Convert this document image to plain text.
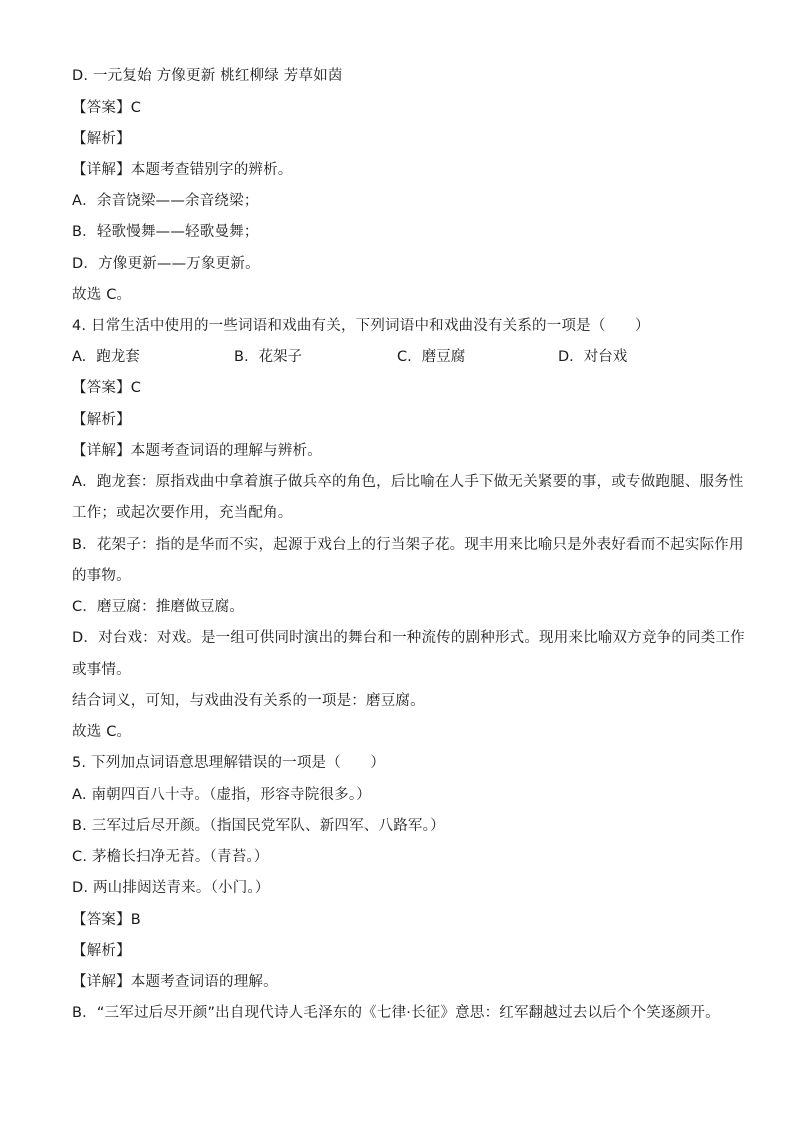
D. 一元复始 方像更新 桃红柳绿 芳草如茵
【答案】C
【解析】
【详解】本题考查错别字的辨析。
A．余音饶梁——余音绕梁；
B．轻歌慢舞——轻歌曼舞；
D．方像更新——万象更新。
故选 C。
4. 日常生活中使用的一些词语和戏曲有关，下列词语中和戏曲没有关系的一项是（　　）
A. 跑龙套	B. 花架子	C. 磨豆腐	D. 对台戏
【答案】C
【解析】
【详解】本题考查词语的理解与辨析。
A．跑龙套：原指戏曲中拿着旗子做兵卒的角色，后比喻在人手下做无关紧要的事，或专做跑腿、服务性
工作；或起次要作用，充当配角。
B．花架子：指的是华而不实，起源于戏台上的行当架子花。现丰用来比喻只是外表好看而不起实际作用
的事物。
C．磨豆腐：推磨做豆腐。
D．对台戏：对戏。是一组可供同时演出的舞台和一种流传的剧种形式。现用来比喻双方竞争的同类工作
或事情。
结合词义，可知，与戏曲没有关系的一项是：磨豆腐。
故选 C。
5. 下列加点词语意思理解错误的一项是（　　）
A. 南朝四百八十寺。（虚指，形容寺院很多。）
B. 三军过后尽开颜。（指国民党军队、新四军、八路军。）
C. 茅檐长扫净无苔。（青苔。）
D. 两山排闼送青来。（小门。）
【答案】B
【解析】
【详解】本题考查词语的理解。
B．“三军过后尽开颜”出自现代诗人毛泽东的《七律·长征》意思：红军翻越过去以后个个笑逐颜开。
